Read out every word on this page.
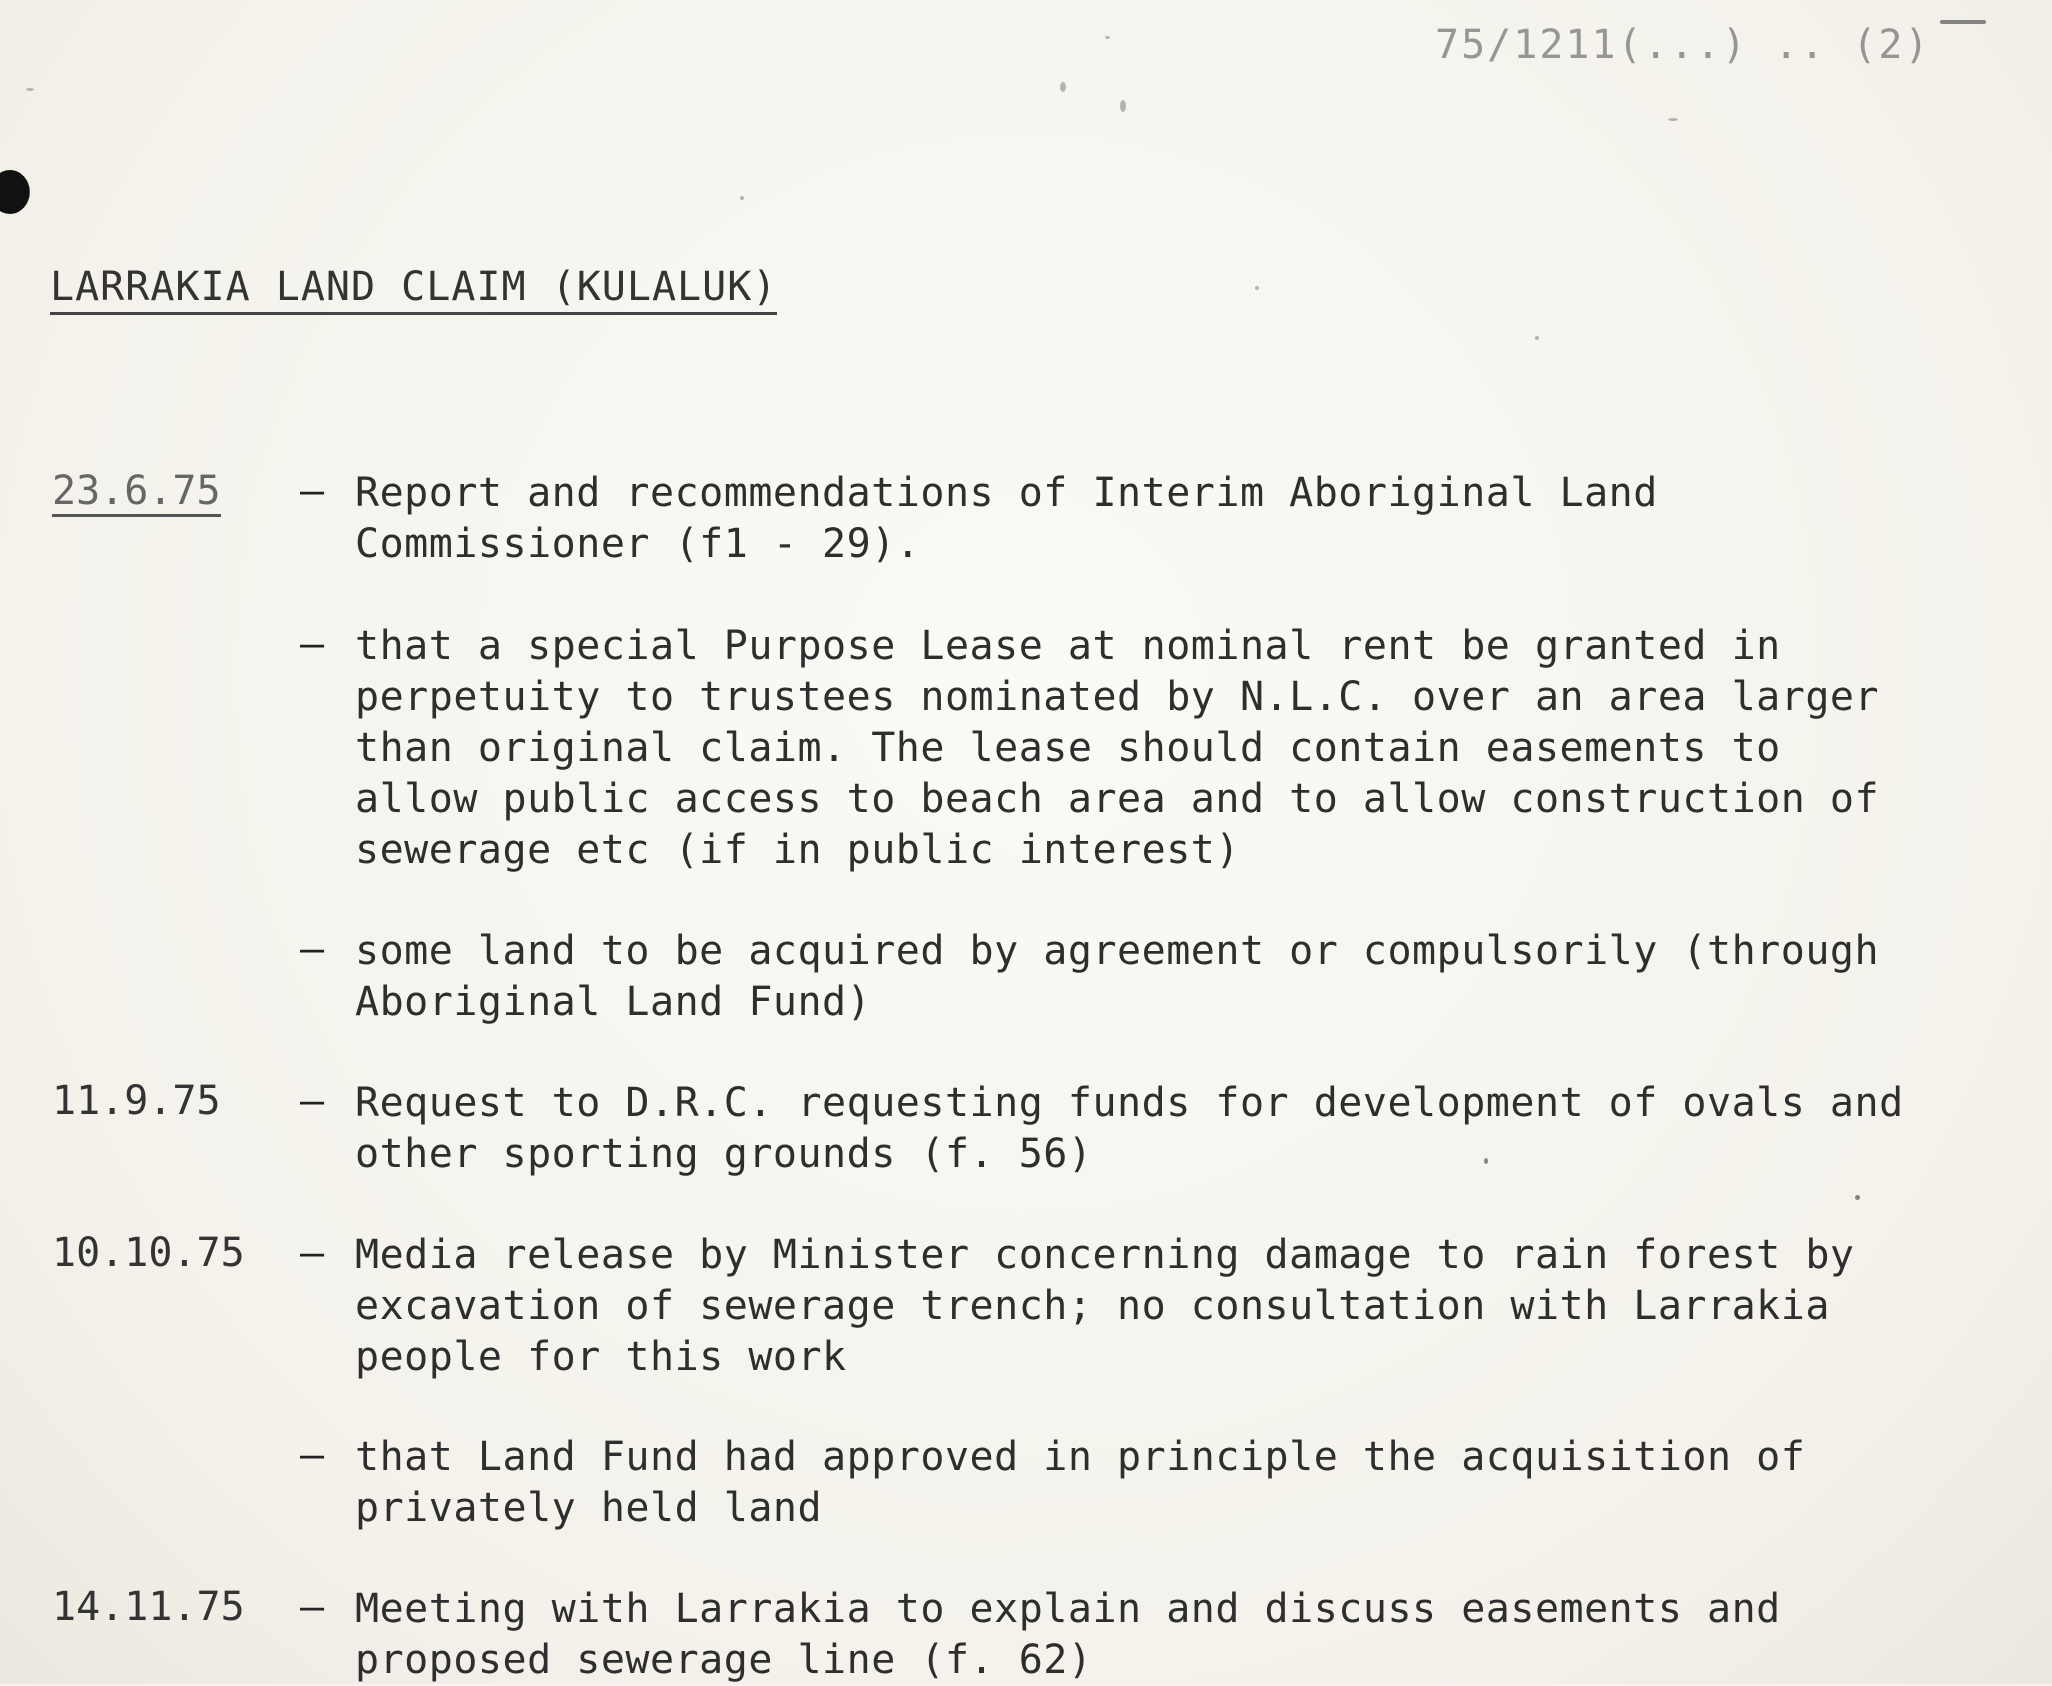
75/1211(...) .. (2)
LARRAKIA LAND CLAIM (KULALUK)
23.6.75 – Report and recommendations of Interim Aboriginal Land
Commissioner (f1 - 29).
– that a special Purpose Lease at nominal rent be granted in
perpetuity to trustees nominated by N.L.C. over an area larger
than original claim. The lease should contain easements to
allow public access to beach area and to allow construction of
sewerage etc (if in public interest)
– some land to be acquired by agreement or compulsorily (through
Aboriginal Land Fund)
11.9.75 – Request to D.R.C. requesting funds for development of ovals and
other sporting grounds (f. 56)
10.10.75 – Media release by Minister concerning damage to rain forest by
excavation of sewerage trench; no consultation with Larrakia
people for this work
– that Land Fund had approved in principle the acquisition of
privately held land
14.11.75 – Meeting with Larrakia to explain and discuss easements and
proposed sewerage line (f. 62)
